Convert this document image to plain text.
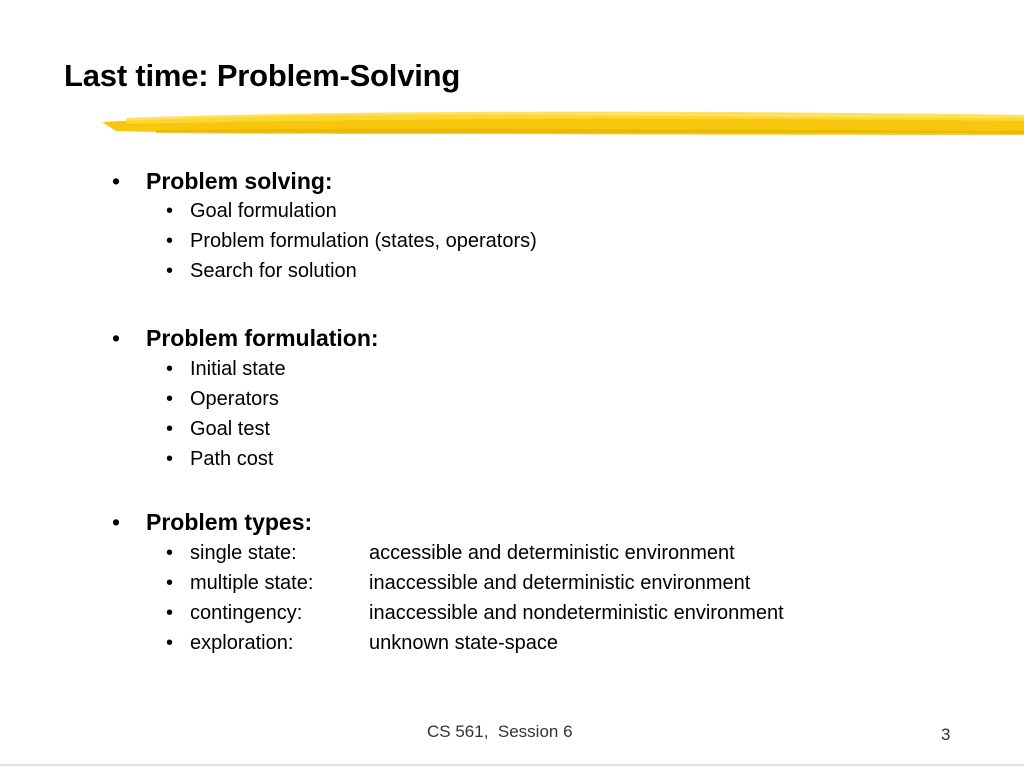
Last time: Problem-Solving
• Problem solving:
• Goal formulation
• Problem formulation (states, operators)
• Search for solution
• Problem formulation:
• Initial state
• Operators
• Goal test
• Path cost
• Problem types:
• single state:	accessible and deterministic environment
• multiple state:	inaccessible and deterministic environment
• contingency:	inaccessible and nondeterministic environment
• exploration:	unknown state-space
CS 561,  Session 6	3
